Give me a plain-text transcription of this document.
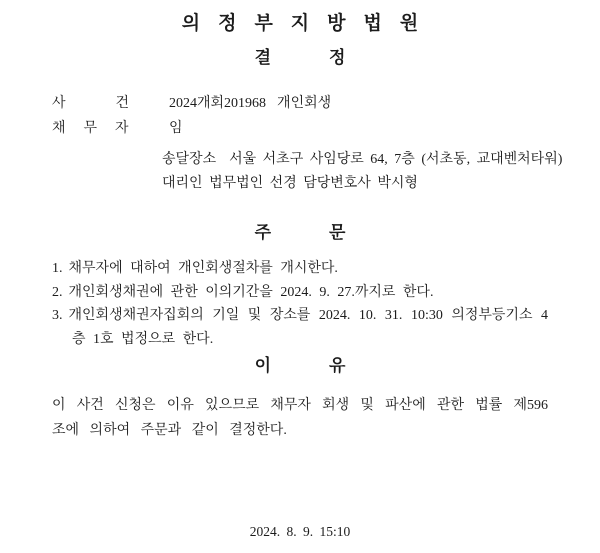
의정부지방법원
결정
사건2024개회201968  개인회생
채무자 임
송달장소  서울 서초구 사임당로 64, 7층 (서초동, 교대벤처타워)
대리인 법무법인 선경 담당변호사 박시형
주문
1. 채무자에 대하여 개인회생절차를 개시한다.
2. 개인회생채권에 관한 이의기간을 2024. 9. 27.까지로 한다.
3. 개인회생채권자집회의 기일 및 장소를 2024. 10. 31. 10:30 의정부등기소 4층 1호 법정으로 한다.
이유
이 사건 신청은 이유 있으므로 채무자 회생 및 파산에 관한 법률 제596조에 의하여 주문과 같이 결정한다.
2024. 8. 9. 15:10
